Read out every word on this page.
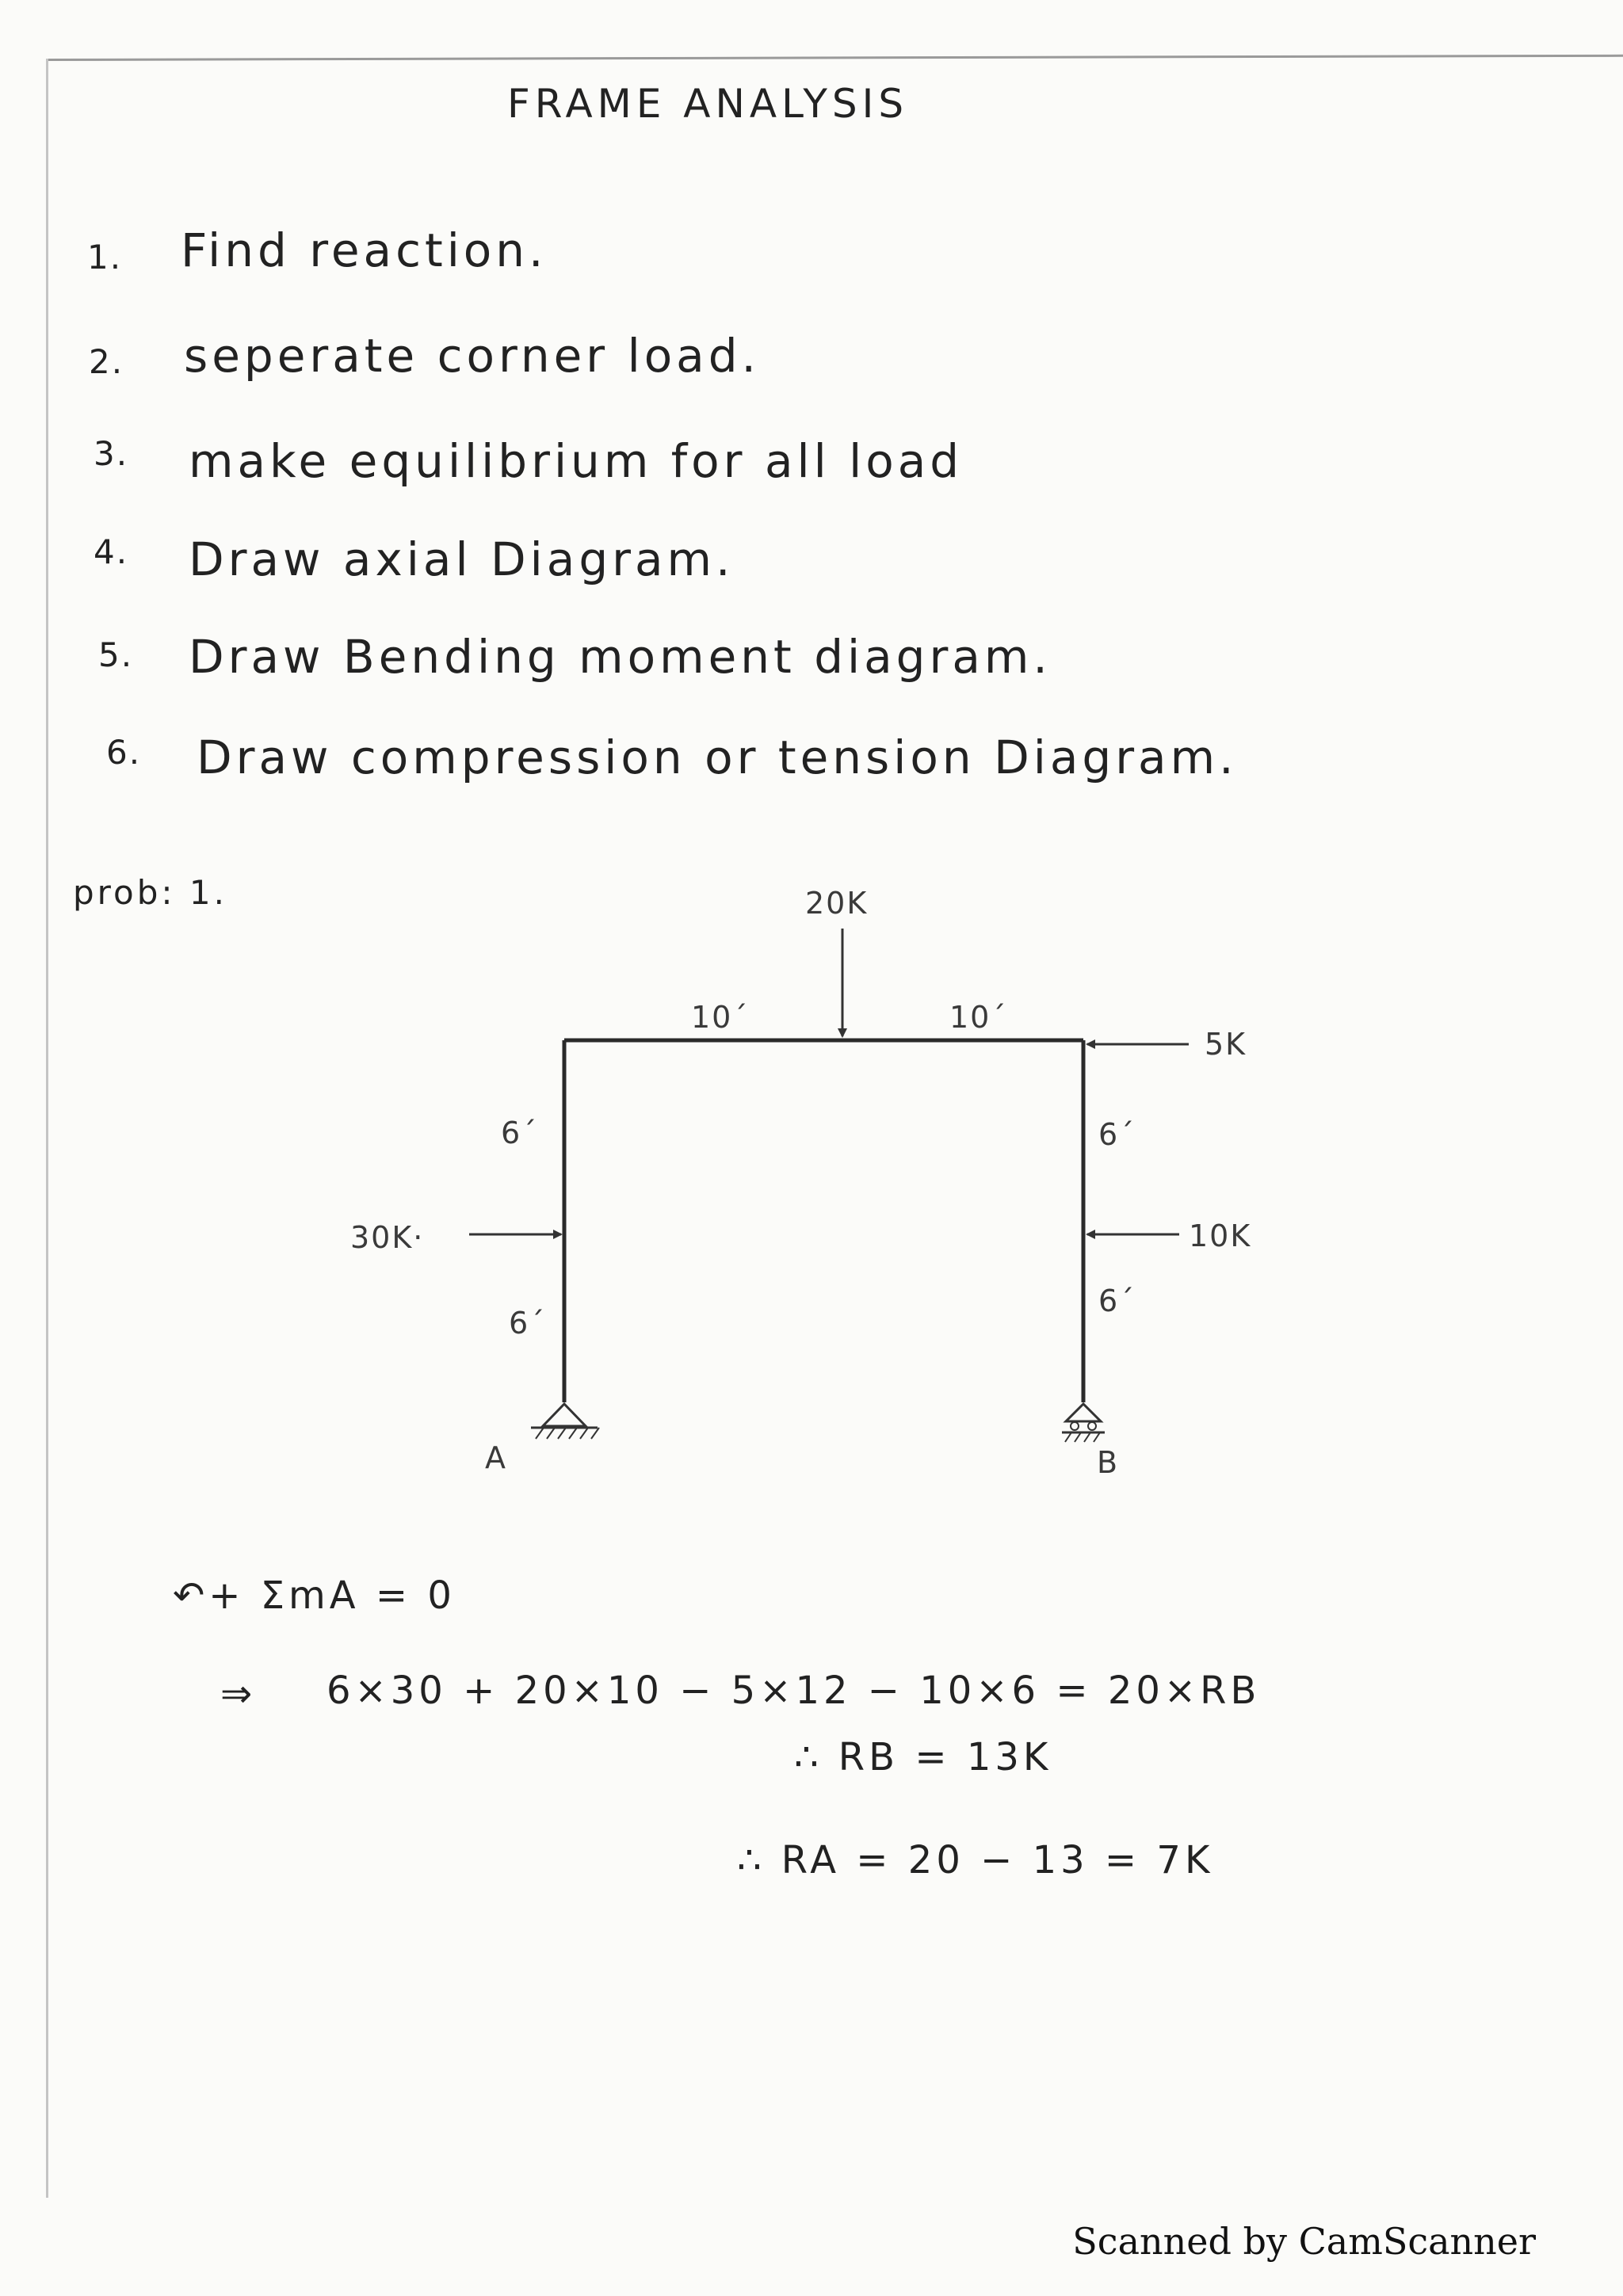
FRAME ANALYSIS
1. Find reaction.
2. seperate corner load.
3. make equilibrium for all load
4. Draw axial Diagram.
5. Draw Bending moment diagram.
6. Draw compression or tension Diagram.
prob: 1.	20K
10´	10´
5K
6´	6´
30K·	10K
6´
6´
A	B
↶+ ΣmA = 0
⇒ 6×30 + 20×10 − 5×12 − 10×6 = 20×RB
∴ RB = 13K
∴ RA = 20 − 13 = 7K
Scanned by CamScanner
